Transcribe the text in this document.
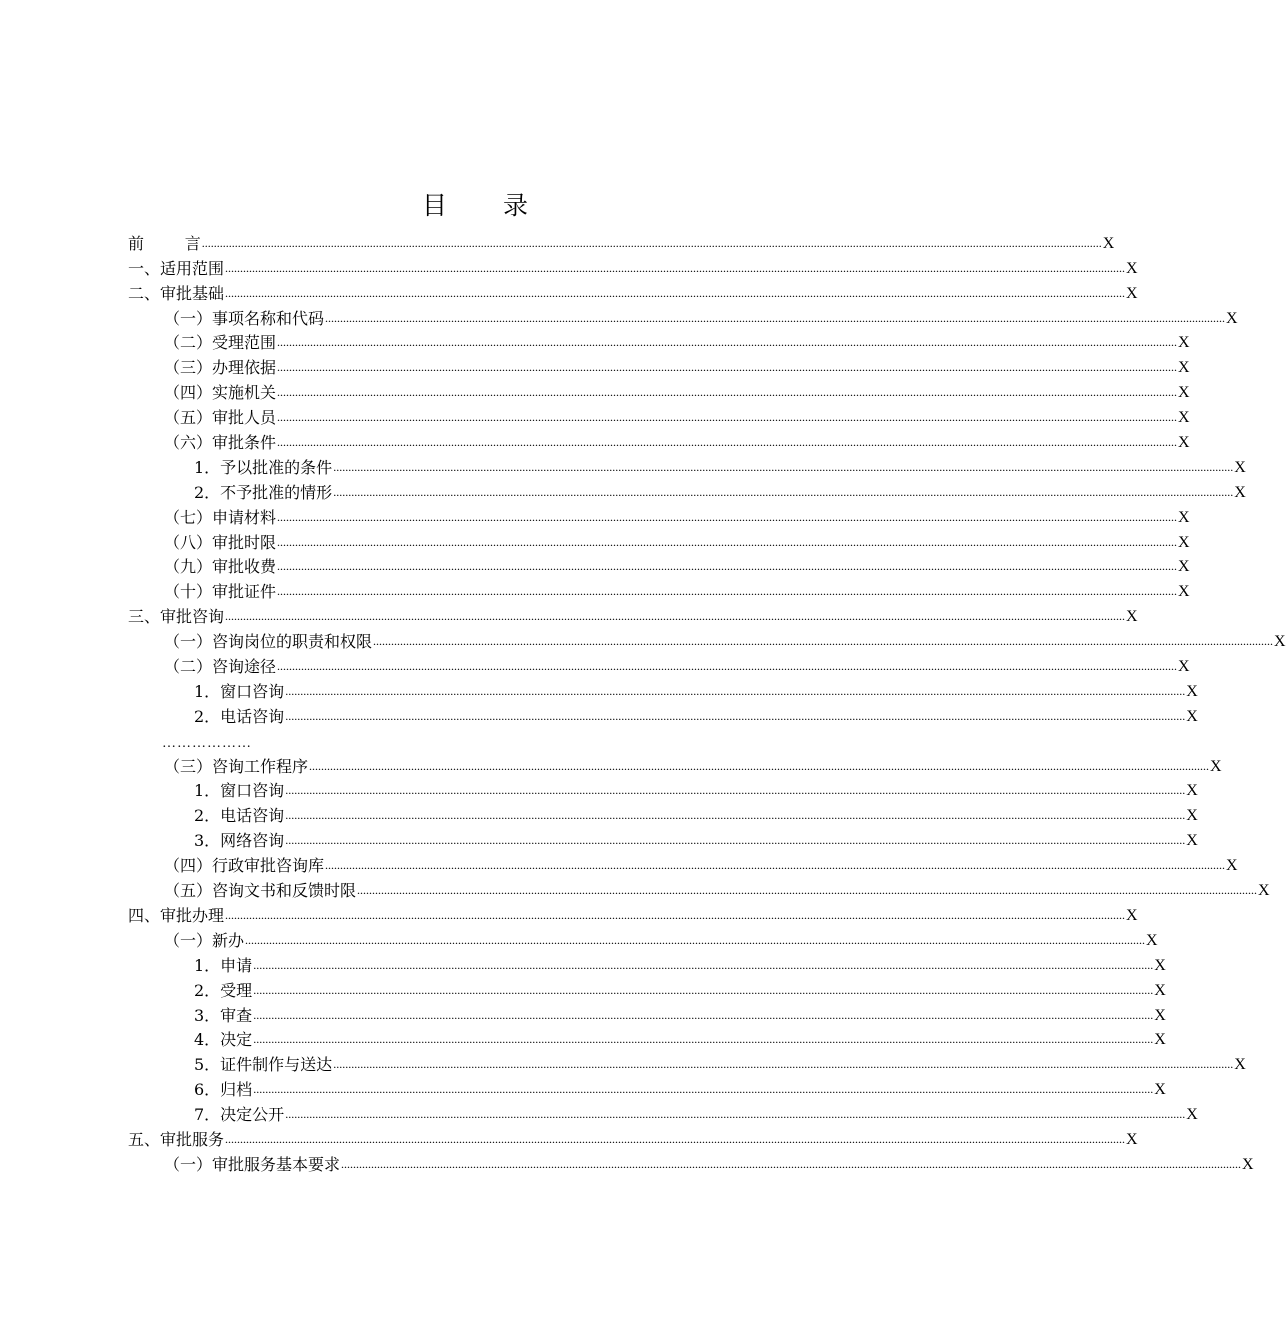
目 录
前        言 ............................................................................................................................................................................................................................................................................................................ X
一、适用范围 ............................................................................................................................................................................................................................................................................................................ X
二、审批基础 ............................................................................................................................................................................................................................................................................................................ X
（一）事项名称和代码 ............................................................................................................................................................................................................................................................................................................ X
（二）受理范围 ............................................................................................................................................................................................................................................................................................................ X
（三）办理依据 ............................................................................................................................................................................................................................................................................................................ X
（四）实施机关 ............................................................................................................................................................................................................................................................................................................ X
（五）审批人员 ............................................................................................................................................................................................................................................................................................................ X
（六）审批条件 ............................................................................................................................................................................................................................................................................................................ X
1．予以批准的条件 ............................................................................................................................................................................................................................................................................................................ X
2．不予批准的情形 ............................................................................................................................................................................................................................................................................................................ X
（七）申请材料 ............................................................................................................................................................................................................................................................................................................ X
（八）审批时限 ............................................................................................................................................................................................................................................................................................................ X
（九）审批收费 ............................................................................................................................................................................................................................................................................................................ X
（十）审批证件 ............................................................................................................................................................................................................................................................................................................ X
三、审批咨询 ............................................................................................................................................................................................................................................................................................................ X
（一）咨询岗位的职责和权限 ............................................................................................................................................................................................................................................................................................................ X
（二）咨询途径 ............................................................................................................................................................................................................................................................................................................ X
1．窗口咨询 ............................................................................................................................................................................................................................................................................................................ X
2．电话咨询 ............................................................................................................................................................................................................................................................................................................ X
………………
（三）咨询工作程序 ............................................................................................................................................................................................................................................................................................................ X
1．窗口咨询 ............................................................................................................................................................................................................................................................................................................ X
2．电话咨询 ............................................................................................................................................................................................................................................................................................................ X
3．网络咨询 ............................................................................................................................................................................................................................................................................................................ X
（四）行政审批咨询库 ............................................................................................................................................................................................................................................................................................................ X
（五）咨询文书和反馈时限 ............................................................................................................................................................................................................................................................................................................ X
四、审批办理 ............................................................................................................................................................................................................................................................................................................ X
（一）新办 ............................................................................................................................................................................................................................................................................................................ X
1．申请 ............................................................................................................................................................................................................................................................................................................ X
2．受理 ............................................................................................................................................................................................................................................................................................................ X
3．审查 ............................................................................................................................................................................................................................................................................................................ X
4．决定 ............................................................................................................................................................................................................................................................................................................ X
5．证件制作与送达 ............................................................................................................................................................................................................................................................................................................ X
6．归档 ............................................................................................................................................................................................................................................................................................................ X
7．决定公开 ............................................................................................................................................................................................................................................................................................................ X
五、审批服务 ............................................................................................................................................................................................................................................................................................................ X
（一）审批服务基本要求 ............................................................................................................................................................................................................................................................................................................ X
